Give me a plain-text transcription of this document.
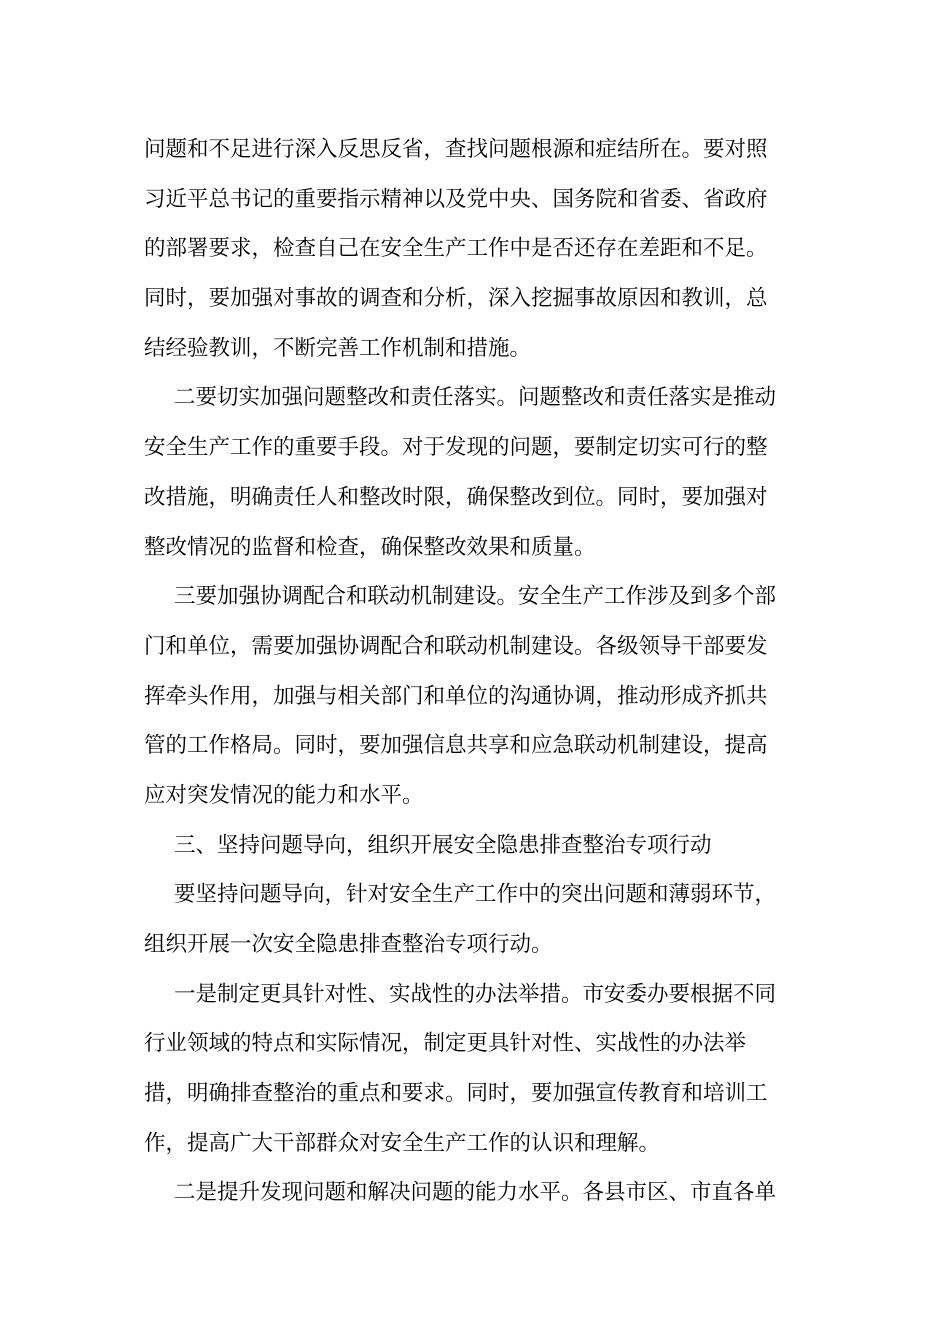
问题和不足进行深入反思反省，查找问题根源和症结所在。要对照
习近平总书记的重要指示精神以及党中央、国务院和省委、省政府
的部署要求，检查自己在安全生产工作中是否还存在差距和不足。
同时，要加强对事故的调查和分析，深入挖掘事故原因和教训，总
结经验教训，不断完善工作机制和措施。
二要切实加强问题整改和责任落实。问题整改和责任落实是推动
安全生产工作的重要手段。对于发现的问题，要制定切实可行的整
改措施，明确责任人和整改时限，确保整改到位。同时，要加强对
整改情况的监督和检查，确保整改效果和质量。
三要加强协调配合和联动机制建设。安全生产工作涉及到多个部
门和单位，需要加强协调配合和联动机制建设。各级领导干部要发
挥牵头作用，加强与相关部门和单位的沟通协调，推动形成齐抓共
管的工作格局。同时，要加强信息共享和应急联动机制建设，提高
应对突发情况的能力和水平。
三、坚持问题导向，组织开展安全隐患排查整治专项行动
要坚持问题导向，针对安全生产工作中的突出问题和薄弱环节，
组织开展一次安全隐患排查整治专项行动。
一是制定更具针对性、实战性的办法举措。市安委办要根据不同
行业领域的特点和实际情况，制定更具针对性、实战性的办法举
措，明确排查整治的重点和要求。同时，要加强宣传教育和培训工
作，提高广大干部群众对安全生产工作的认识和理解。
二是提升发现问题和解决问题的能力水平。各县市区、市直各单
